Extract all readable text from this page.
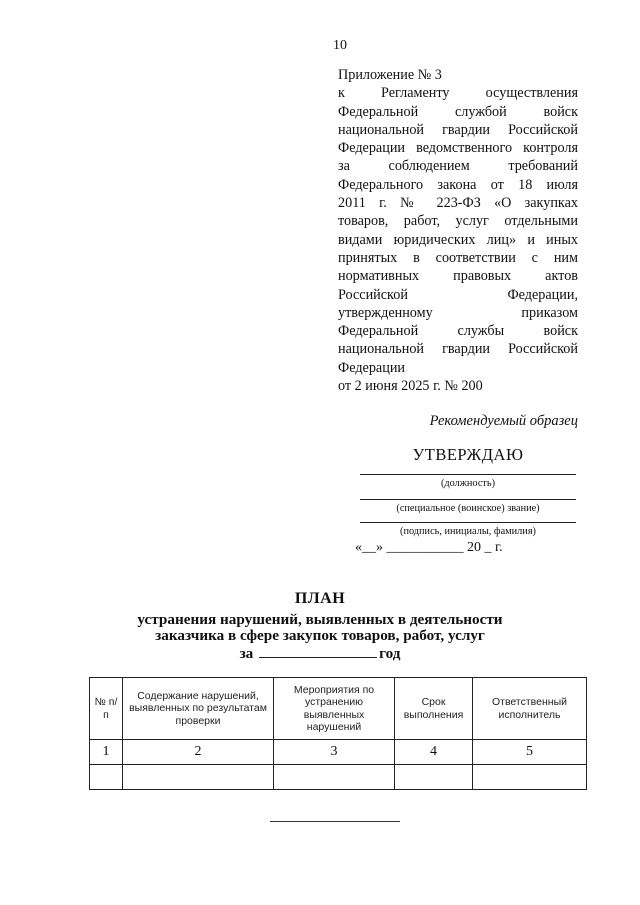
10
Приложение № 3
к Регламенту осуществления
Федеральной службой войск
национальной гвардии Российской
Федерации ведомственного контроля
за соблюдением требований
Федерального закона от 18 июля
2011 г. № 223-ФЗ «О закупках
товаров, работ, услуг отдельными
видами юридических лиц» и иных
принятых в соответствии с ним
нормативных правовых актов
Российской Федерации,
утвержденному приказом
Федеральной службы войск
национальной гвардии Российской
Федерации
от 2 июня 2025 г. № 200
Рекомендуемый образец
УТВЕРЖДАЮ
(должность)
(специальное (воинское) звание)
(подпись, инициалы, фамилия)
«__» ___________ 20 _ г.
ПЛАН
устранения нарушений, выявленных в деятельности
заказчика в сфере закупок товаров, работ, услуг
за	год
№ п/п	Содержание нарушений, выявленных по результатам проверки	Мероприятия по устранению выявленных нарушений	Срок выполнения	Ответственный исполнитель
1	2	3	4	5
